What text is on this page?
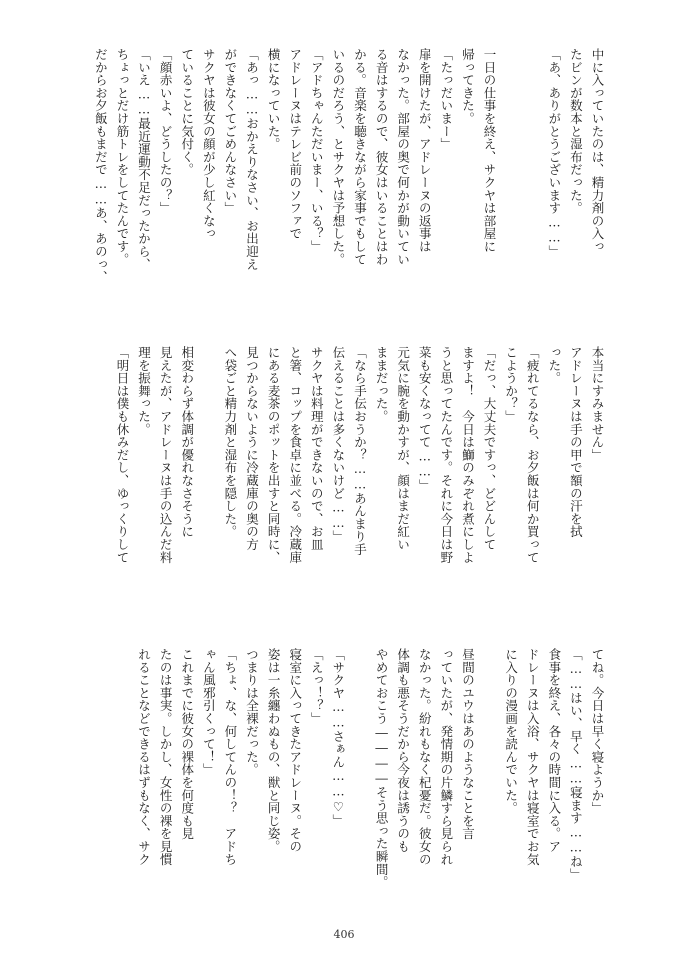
中に入っていたのは、精力剤の入っ

たビンが数本と湿布だった。

「あ、ありがとうございます……」

一日の仕事を終え、サクヤは部屋に

帰ってきた。

「たっだいまー」

扉を開けたが、アドレーヌの返事は

なかった。部屋の奥で何かが動いてい

る音はするので、彼女はいることはわ

かる。音楽を聴きながら家事でもして

いるのだろう、とサクヤは予想した。

「アドちゃんただいまー、いる？」

アドレーヌはテレビ前のソファで

横になっていた。

「あっ……おかえりなさい、お出迎え

ができなくてごめんなさい」

サクヤは彼女の顔が少し紅くなっ

ていることに気付く。

「顔赤いよ、どうしたの？」

「いえ……最近運動不足だったから、

ちょっとだけ筋トレをしてたんです。

だからお夕飯もまだで……あ、あのっ、

本当にすみません」

アドレーヌは手の甲で額の汗を拭

った。

「疲れてるなら、お夕飯は何か買って

こようか？」

「だっ、大丈夫ですっ、どどんして

ますよ！　今日は鰤のみぞれ煮にしよ

うと思ってたんです。それに今日は野

菜も安くなってて……」

元気に腕を動かすが、顔はまだ紅い

ままだった。

「なら手伝おうか？……あんまり手

伝えることは多くないけど……」

サクヤは料理ができないので、お皿

と箸、コップを食卓に並べる。冷蔵庫

にある麦茶のポットを出すと同時に、

見つからないように冷蔵庫の奥の方

へ袋ごと精力剤と湿布を隠した。

相変わらず体調が優れなさそうに

見えたが、アドレーヌは手の込んだ料

理を振舞った。

「明日は僕も休みだし、ゆっくりして

てね。今日は早く寝ようか」

「……はい、早く……寝ます……ね」

食事を終え、各々の時間に入る。ア

ドレーヌは入浴、サクヤは寝室でお気

に入りの漫画を読んでいた。

昼間のユウはあのようなことを言

っていたが、発情期の片鱗すら見られ

なかった。紛れもなく杞憂だ。彼女の

体調も悪そうだから今夜は誘うのも

やめておこう――――そう思った瞬間。

「サクヤ……さぁん……♡」

「えっ！？」

寝室に入ってきたアドレーヌ。その

姿は一糸纏わぬもの、獣と同じ姿。

つまりは全裸だった。

「ちょ、な、何してんの！？　アドち

ゃん風邪引くって！」

これまでに彼女の裸体を何度も見

たのは事実。しかし、女性の裸を見慣

れることなどできるはずもなく、サク

406
